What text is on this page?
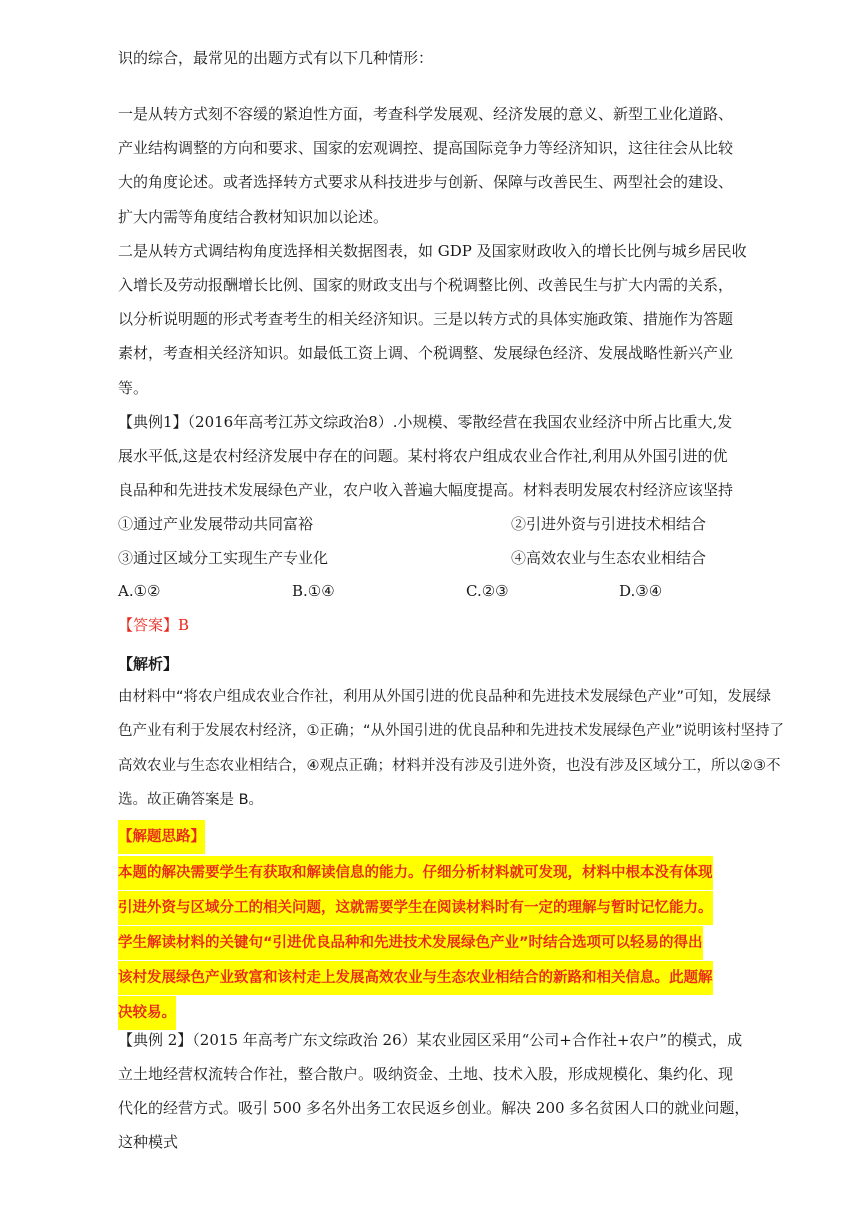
识的综合，最常见的出题方式有以下几种情形：
一是从转方式刻不容缓的紧迫性方面，考查科学发展观、经济发展的意义、新型工业化道路、
产业结构调整的方向和要求、国家的宏观调控、提高国际竞争力等经济知识，这往往会从比较
大的角度论述。或者选择转方式要求从科技进步与创新、保障与改善民生、两型社会的建设、
扩大内需等角度结合教材知识加以论述。
二是从转方式调结构角度选择相关数据图表，如 GDP 及国家财政收入的增长比例与城乡居民收
入增长及劳动报酬增长比例、国家的财政支出与个税调整比例、改善民生与扩大内需的关系，
以分析说明题的形式考查考生的相关经济知识。三是以转方式的具体实施政策、措施作为答题
素材，考查相关经济知识。如最低工资上调、个税调整、发展绿色经济、发展战略性新兴产业
等。
【典例1】（2016年高考江苏文综政治8）.小规模、零散经营在我国农业经济中所占比重大,发
展水平低,这是农村经济发展中存在的问题。某村将农户组成农业合作社,利用从外国引进的优
良品种和先进技术发展绿色产业，农户收入普遍大幅度提高。材料表明发展农村经济应该坚持
①通过产业发展带动共同富裕	②引进外资与引进技术相结合
③通过区域分工实现生产专业化	④高效农业与生态农业相结合
A.①②	B.①④	C.②③	D.③④
【答案】B
【解析】
由材料中“将农户组成农业合作社，利用从外国引进的优良品种和先进技术发展绿色产业”可知，发展绿
色产业有利于发展农村经济，①正确；“从外国引进的优良品种和先进技术发展绿色产业”说明该村坚持了
高效农业与生态农业相结合，④观点正确；材料并没有涉及引进外资，也没有涉及区域分工，所以②③不
选。故正确答案是 B。
【解题思路】
本题的解决需要学生有获取和解读信息的能力。仔细分析材料就可发现，材料中根本没有体现
引进外资与区域分工的相关问题，这就需要学生在阅读材料时有一定的理解与暂时记忆能力。
学生解读材料的关键句“引进优良品种和先进技术发展绿色产业”时结合选项可以轻易的得出
该村发展绿色产业致富和该村走上发展高效农业与生态农业相结合的新路和相关信息。此题解
决较易。
【典例 2】（2015 年高考广东文综政治 26）某农业园区采用“公司+合作社+农户”的模式，成
立土地经营权流转合作社，整合散户。吸纳资金、土地、技术入股，形成规模化、集约化、现
代化的经营方式。吸引 500 多名外出务工农民返乡创业。解决 200 多名贫困人口的就业问题，
这种模式
